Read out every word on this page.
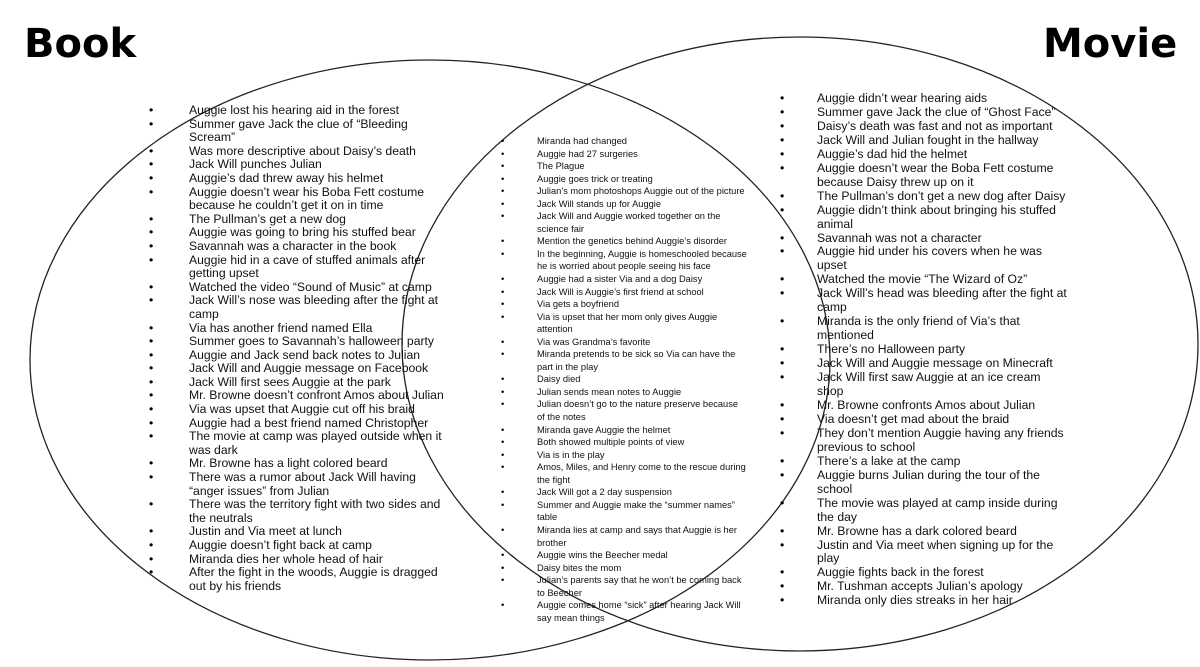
Book	Movie
• Auggie lost his hearing aid in the forest
• Summer gave Jack the clue of “Bleeding Scream”
• Was more descriptive about Daisy’s death
• Jack Will punches Julian
• Auggie’s dad threw away his helmet
• Auggie doesn’t wear his Boba Fett costume because he couldn’t get it on in time
• The Pullman’s get a new dog
• Auggie was going to bring his stuffed bear
• Savannah was a character in the book
• Auggie hid in a cave of stuffed animals after getting upset
• Watched the video “Sound of Music” at camp
• Jack Will’s nose was bleeding after the fight at camp
• Via has another friend named Ella
• Summer goes to Savannah’s halloween party
• Auggie and Jack send back notes to Julian
• Jack Will and Auggie message on Facebook
• Jack Will first sees Auggie at the park
• Mr. Browne doesn’t confront Amos about Julian
• Via was upset that Auggie cut off his braid
• Auggie had a best friend named Christopher
• The movie at camp was played outside when it was dark
• Mr. Browne has a light colored beard
• There was a rumor about Jack Will having “anger issues” from Julian
• There was the territory fight with two sides and the neutrals
• Justin and Via meet at lunch
• Auggie doesn’t fight back at camp
• Miranda dies her whole head of hair
• After the fight in the woods, Auggie is dragged out by his friends
• Miranda had changed
• Auggie had 27 surgeries
• The Plague
• Auggie goes trick or treating
• Julian’s mom photoshops Auggie out of the picture
• Jack Will stands up for Auggie
• Jack Will and Auggie worked together on the science fair
• Mention the genetics behind Auggie’s disorder
• In the beginning, Auggie is homeschooled because he is worried about people seeing his face
• Auggie had a sister Via and a dog Daisy
• Jack Will is Auggie’s first friend at school
• Via gets a boyfriend
• Via is upset that her mom only gives Auggie attention
• Via was Grandma’s favorite
• Miranda pretends to be sick so Via can have the part in the play
• Daisy died
• Julian sends mean notes to Auggie
• Julian doesn’t go to the nature preserve because of the notes
• Miranda gave Auggie the helmet
• Both showed multiple points of view
• Via is in the play
• Amos, Miles, and Henry come to the rescue during the fight
• Jack Will got a 2 day suspension
• Summer and Auggie make the “summer names” table
• Miranda lies at camp and says that Auggie is her brother
• Auggie wins the Beecher medal
• Daisy bites the mom
• Julian’s parents say that he won’t be coming back to Beecher
• Auggie comes home “sick” after hearing Jack Will say mean things
• Auggie didn’t wear hearing aids
• Summer gave Jack the clue of “Ghost Face”
• Daisy’s death was fast and not as important
• Jack Will and Julian fought in the hallway
• Auggie’s dad hid the helmet
• Auggie doesn’t wear the Boba Fett costume because Daisy threw up on it
• The Pullman’s don’t get a new dog after Daisy
• Auggie didn’t think about bringing his stuffed animal
• Savannah was not a character
• Auggie hid under his covers when he was upset
• Watched the movie “The Wizard of Oz”
• Jack Will’s head was bleeding after the fight at camp
• Miranda is the only friend of Via’s that mentioned
• There’s no Halloween party
• Jack Will and Auggie message on Minecraft
• Jack Will first saw Auggie at an ice cream shop
• Mr. Browne confronts Amos about Julian
• Via doesn’t get mad about the braid
• They don’t mention Auggie having any friends previous to school
• There’s a lake at the camp
• Auggie burns Julian during the tour of the school
• The movie was played at camp inside during the day
• Mr. Browne has a dark colored beard
• Justin and Via meet when signing up for the play
• Auggie fights back in the forest
• Mr. Tushman accepts Julian’s apology
• Miranda only dies streaks in her hair
